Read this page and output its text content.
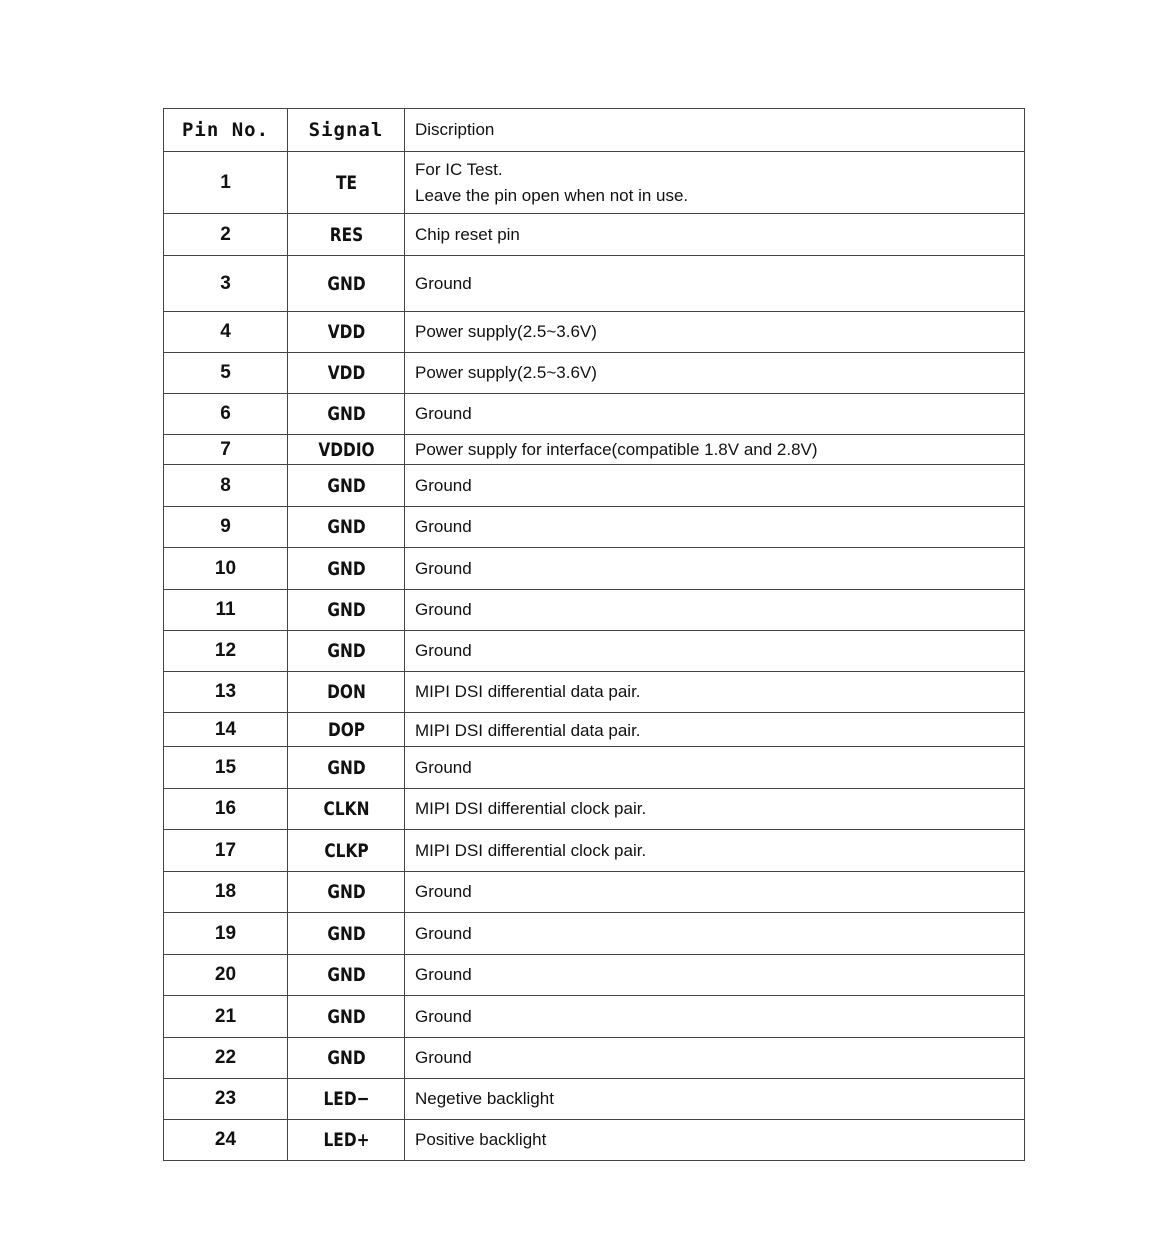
Pin No.	Signal	Discription
1	TE	For IC Test.
Leave the pin open when not in use.

2	RES	Chip reset pin

3	GND	Ground

4	VDD	Power supply(2.5~3.6V)

5	VDD	Power supply(2.5~3.6V)

6	GND	Ground

7	VDDIO	Power supply for interface(compatible 1.8V and 2.8V)

8	GND	Ground

9	GND	Ground

10	GND	Ground

11	GND	Ground

12	GND	Ground

13	DON	MIPI DSI differential data pair.

14	DOP	MIPI DSI differential data pair.

15	GND	Ground

16	CLKN	MIPI DSI differential clock pair.

17	CLKP	MIPI DSI differential clock pair.

18	GND	Ground

19	GND	Ground

20	GND	Ground

21	GND	Ground

22	GND	Ground

23	LED−	Negetive backlight

24	LED+	Positive backlight
